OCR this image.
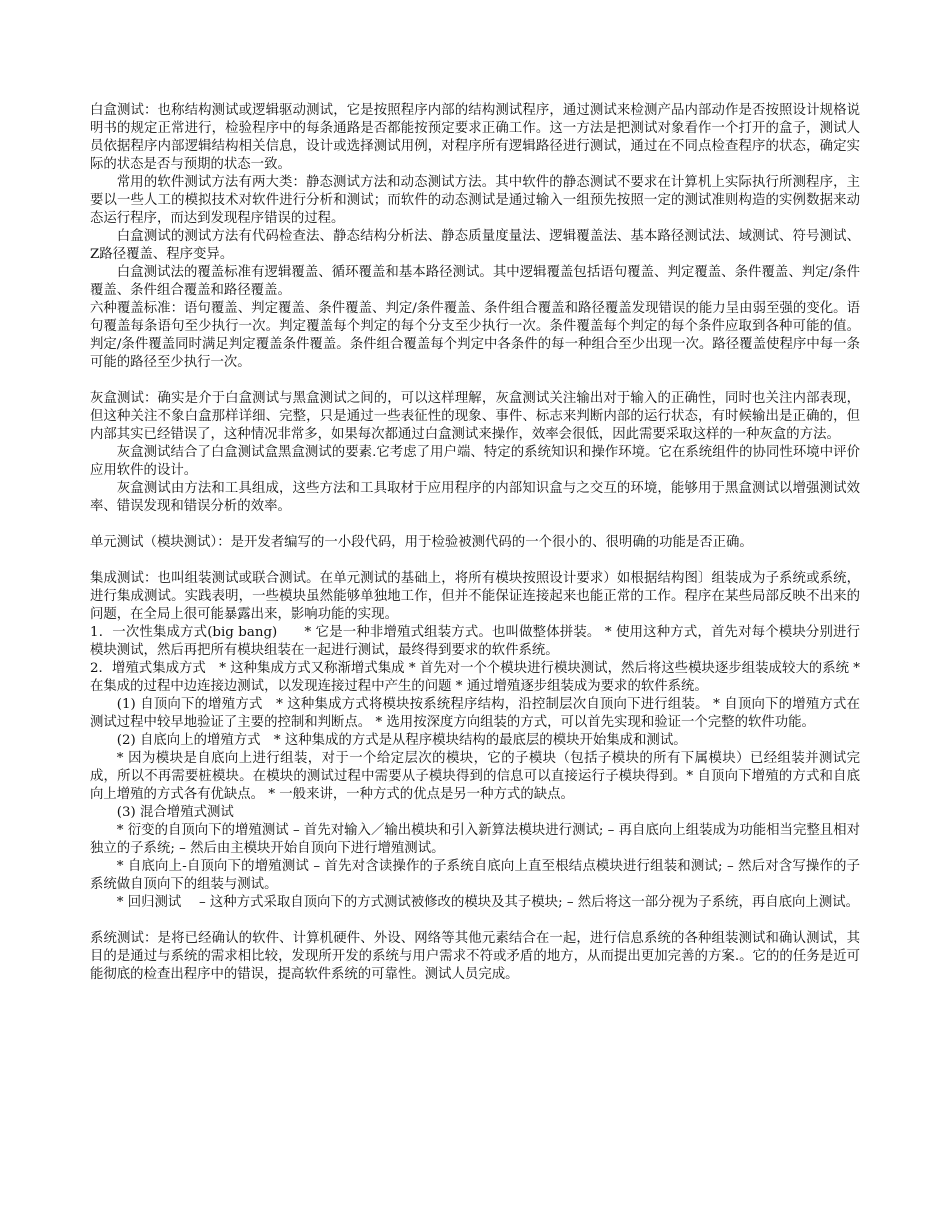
白盒测试：也称结构测试或逻辑驱动测试，它是按照程序内部的结构测试程序，通过测试来检测产品内部动作是否按照设计规格说明书的规定正常进行，检验程序中的每条通路是否都能按预定要求正确工作。这一方法是把测试对象看作一个打开的盒子，测试人员依据程序内部逻辑结构相关信息，设计或选择测试用例，对程序所有逻辑路径进行测试，通过在不同点检查程序的状态，确定实际的状态是否与预期的状态一致。

常用的软件测试方法有两大类：静态测试方法和动态测试方法。其中软件的静态测试不要求在计算机上实际执行所测程序，主要以一些人工的模拟技术对软件进行分析和测试；而软件的动态测试是通过输入一组预先按照一定的测试准则构造的实例数据来动态运行程序，而达到发现程序错误的过程。

白盒测试的测试方法有代码检查法、静态结构分析法、静态质量度量法、逻辑覆盖法、基本路径测试法、域测试、符号测试、Z路径覆盖、程序变异。

白盒测试法的覆盖标准有逻辑覆盖、循环覆盖和基本路径测试。其中逻辑覆盖包括语句覆盖、判定覆盖、条件覆盖、判定/条件覆盖、条件组合覆盖和路径覆盖。

六种覆盖标准：语句覆盖、判定覆盖、条件覆盖、判定/条件覆盖、条件组合覆盖和路径覆盖发现错误的能力呈由弱至强的变化。语句覆盖每条语句至少执行一次。判定覆盖每个判定的每个分支至少执行一次。条件覆盖每个判定的每个条件应取到各种可能的值。判定/条件覆盖同时满足判定覆盖条件覆盖。条件组合覆盖每个判定中各条件的每一种组合至少出现一次。路径覆盖使程序中每一条可能的路径至少执行一次。

灰盒测试：确实是介于白盒测试与黑盒测试之间的，可以这样理解，灰盒测试关注输出对于输入的正确性，同时也关注内部表现，但这种关注不象白盒那样详细、完整，只是通过一些表征性的现象、事件、标志来判断内部的运行状态，有时候输出是正确的，但内部其实已经错误了，这种情况非常多，如果每次都通过白盒测试来操作，效率会很低，因此需要采取这样的一种灰盒的方法。

灰盒测试结合了白盒测试盒黑盒测试的要素.它考虑了用户端、特定的系统知识和操作环境。它在系统组件的协同性环境中评价应用软件的设计。

灰盒测试由方法和工具组成，这些方法和工具取材于应用程序的内部知识盒与之交互的环境，能够用于黑盒测试以增强测试效率、错误发现和错误分析的效率。

单元测试（模块测试）：是开发者编写的一小段代码，用于检验被测代码的一个很小的、很明确的功能是否正确。

集成测试：也叫组装测试或联合测试。在单元测试的基础上，将所有模块按照设计要求）如根据结构图〕组装成为子系统或系统，进行集成测试。实践表明，一些模块虽然能够单独地工作，但并不能保证连接起来也能正常的工作。程序在某些局部反映不出来的问题，在全局上很可能暴露出来，影响功能的实现。

1．一次性集成方式(big bang)　　* 它是一种非增殖式组装方式。也叫做整体拼装。 * 使用这种方式，首先对每个模块分别进行模块测试，然后再把所有模块组装在一起进行测试，最终得到要求的软件系统。

2．增殖式集成方式　* 这种集成方式又称渐增式集成 * 首先对一个个模块进行模块测试，然后将这些模块逐步组装成较大的系统 * 在集成的过程中边连接边测试，以发现连接过程中产生的问题 * 通过增殖逐步组装成为要求的软件系统。

(1) 自顶向下的增殖方式　* 这种集成方式将模块按系统程序结构，沿控制层次自顶向下进行组装。 * 自顶向下的增殖方式在测试过程中较早地验证了主要的控制和判断点。 * 选用按深度方向组装的方式，可以首先实现和验证一个完整的软件功能。

(2) 自底向上的增殖方式　* 这种集成的方式是从程序模块结构的最底层的模块开始集成和测试。

* 因为模块是自底向上进行组装，对于一个给定层次的模块，它的子模块（包括子模块的所有下属模块）已经组装并测试完成，所以不再需要桩模块。在模块的测试过程中需要从子模块得到的信息可以直接运行子模块得到。* 自顶向下增殖的方式和自底向上增殖的方式各有优缺点。 * 一般来讲，一种方式的优点是另一种方式的缺点。

(3) 混合增殖式测试

* 衍变的自顶向下的增殖测试 – 首先对输入／输出模块和引入新算法模块进行测试; – 再自底向上组装成为功能相当完整且相对独立的子系统; – 然后由主模块开始自顶向下进行增殖测试。

* 自底向上-自顶向下的增殖测试 – 首先对含读操作的子系统自底向上直至根结点模块进行组装和测试; – 然后对含写操作的子系统做自顶向下的组装与测试。

* 回归测试　 – 这种方式采取自顶向下的方式测试被修改的模块及其子模块; – 然后将这一部分视为子系统，再自底向上测试。

系统测试：是将已经确认的软件、计算机硬件、外设、网络等其他元素结合在一起，进行信息系统的各种组装测试和确认测试，其目的是通过与系统的需求相比较，发现所开发的系统与用户需求不符或矛盾的地方，从而提出更加完善的方案.。它的的任务是近可能彻底的检查出程序中的错误，提高软件系统的可靠性。测试人员完成。
